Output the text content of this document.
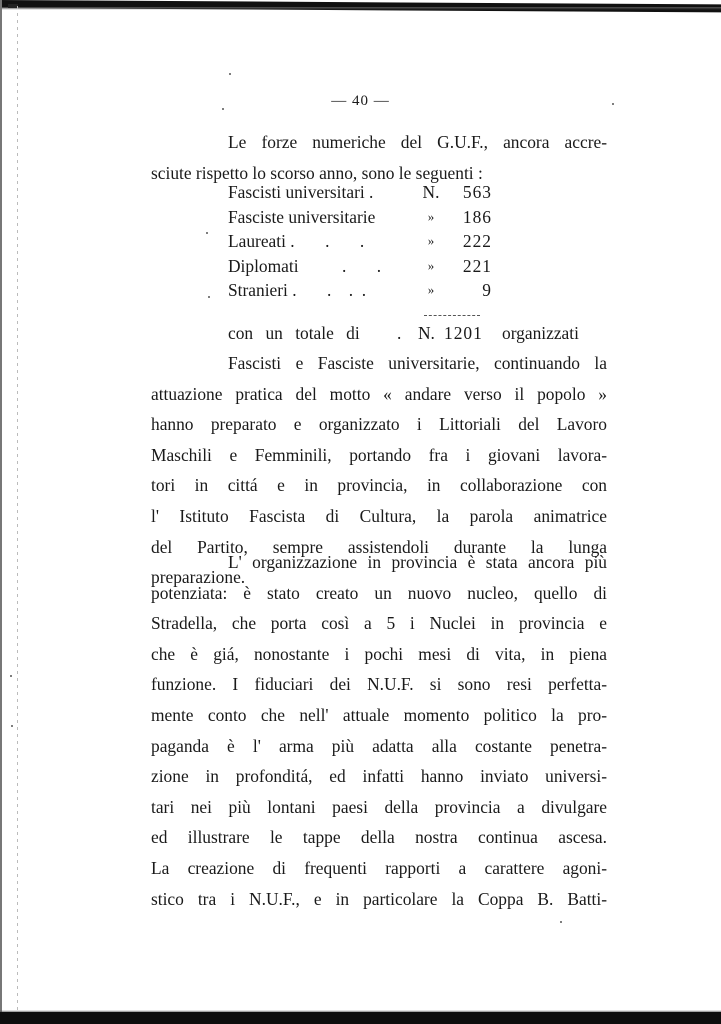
— 40 —
Le forze numeriche del G.U.F., ancora accre-
sciute rispetto lo scorso anno, sono le seguenti :
Fascisti universitari .	N.	563
Fasciste universitarie	»	186
Laureati .       .       .	»	222
Diplomati          .       .	»	221
Stranieri .       .    .  .	»	9
con un totale di . N. 1201 organizzati
Fascisti e Fasciste universitarie, continuando la
attuazione pratica del motto « andare verso il popolo »
hanno preparato e organizzato i Littoriali del Lavoro
Maschili e Femminili, portando fra i giovani lavora-
tori in cittá e in provincia, in collaborazione con
l' Istituto Fascista di Cultura, la parola animatrice
del Partito, sempre assistendoli durante la lunga
preparazione.
L' organizzazione in provincia è stata ancora più
potenziata: è stato creato un nuovo nucleo, quello di
Stradella, che porta così a 5 i Nuclei in provincia e
che è giá, nonostante i pochi mesi di vita, in piena
funzione. I fiduciari dei N.U.F. si sono resi perfetta-
mente conto che nell' attuale momento politico la pro-
paganda è l' arma più adatta alla costante penetra-
zione in profonditá, ed infatti hanno inviato universi-
tari nei più lontani paesi della provincia a divulgare
ed illustrare le tappe della nostra continua ascesa.
La creazione di frequenti rapporti a carattere agoni-
stico tra i N.U.F., e in particolare la Coppa B. Batti-
